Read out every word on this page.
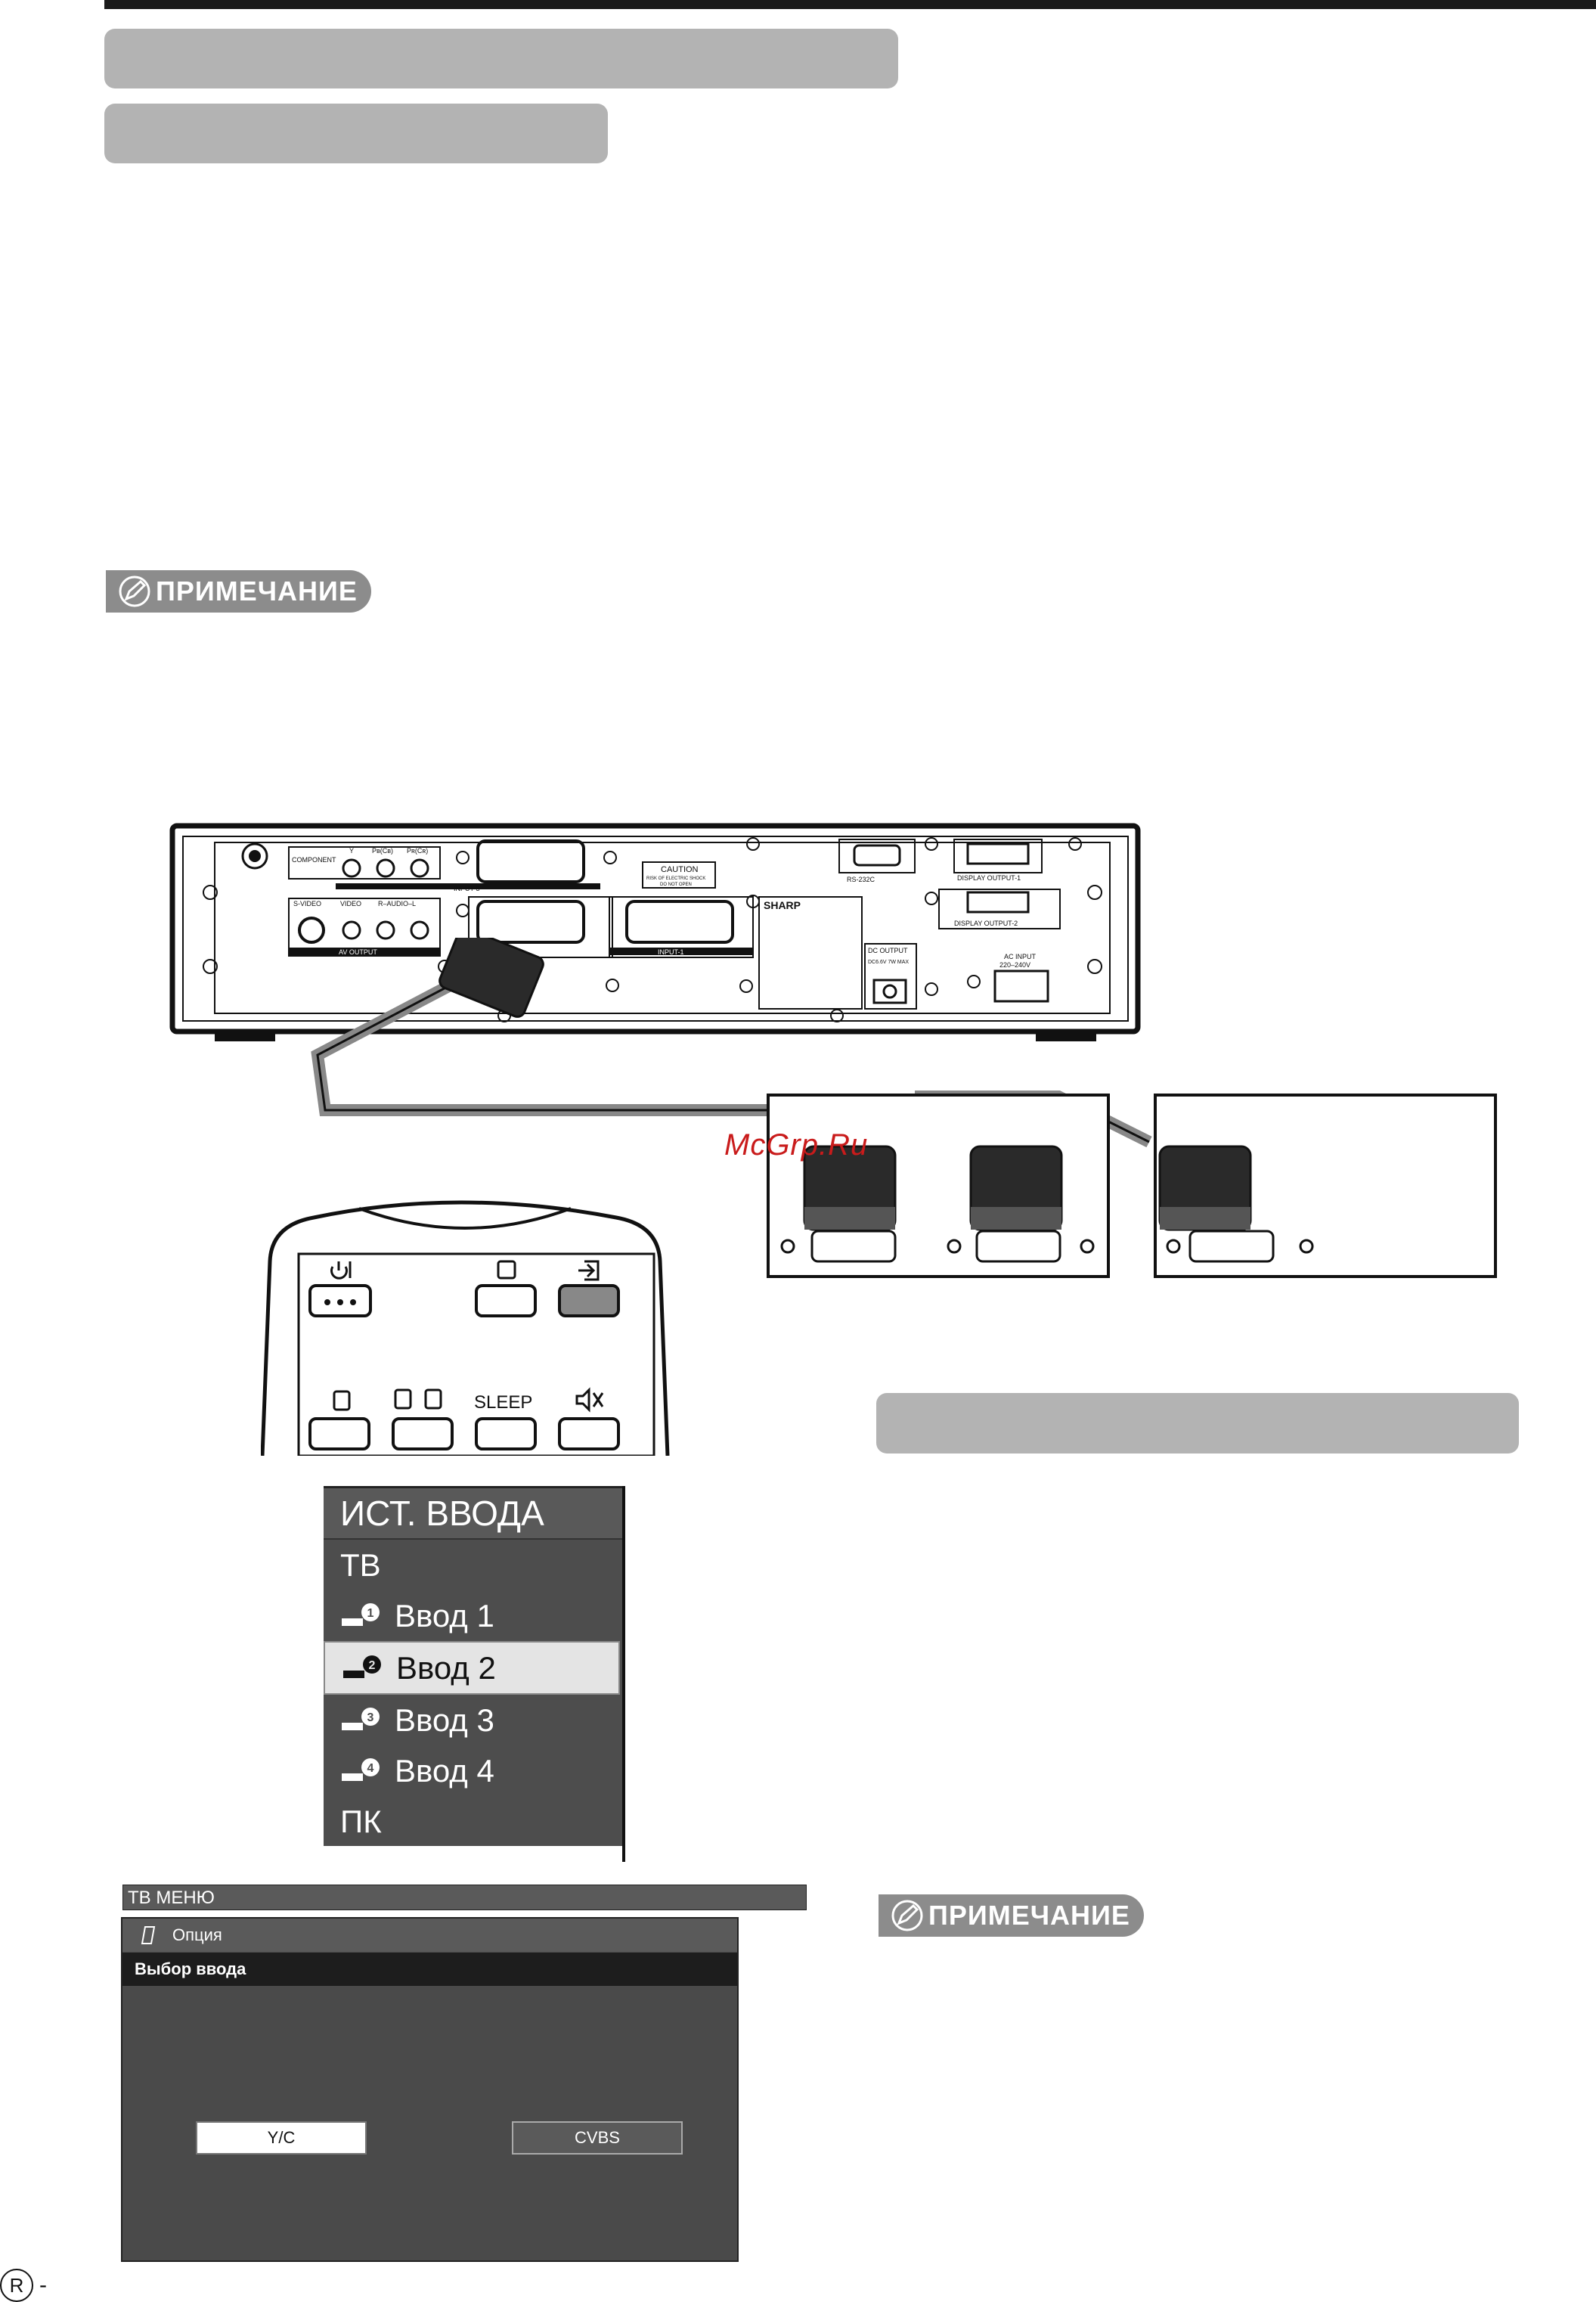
ПРИМЕЧАНИЕ
COMPONENT
Y	Pʙ(Cʙ) Pʀ(Cʀ)
INPUT-3
S-VIDEO	VIDEO R–AUDIO–L
AV OUTPUT
CAUTION
RISK OF ELECTRIC SHOCK
DO NOT OPEN
SHARP
INPUT-1
RS-232C	DISPLAY OUTPUT-1
DISPLAY OUTPUT-2
DC OUTPUT
DC6.6V 7W MAX
AC INPUT
220–240V
McGrp.Ru
SLEEP
ИСТ. ВВОДА
ТВ
1 Ввод 1
2 Ввод 2
3 Ввод 3
4 Ввод 4
ПК
ТВ МЕНЮ
Опция
Выбор ввода
Y/C	CVBS
ПРИМЕЧАНИЕ
R -
